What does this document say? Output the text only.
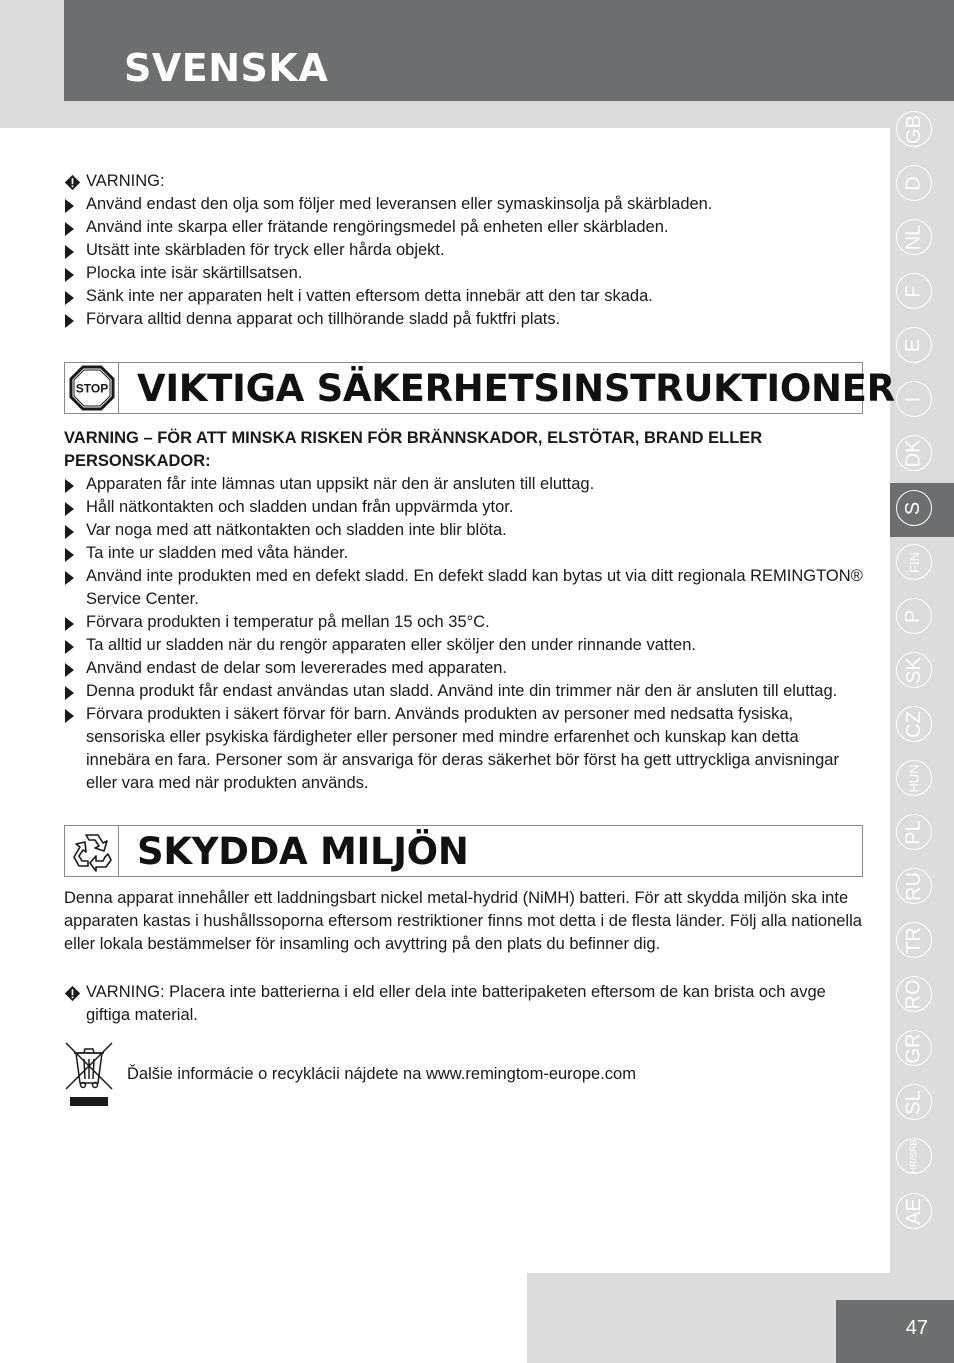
SVENSKA
VARNING:
Använd endast den olja som följer med leveransen eller symaskinsolja på skärbladen.
Använd inte skarpa eller frätande rengöringsmedel på enheten eller skärbladen.
Utsätt inte skärbladen för tryck eller hårda objekt.
Plocka inte isär skärtillsatsen.
Sänk inte ner apparaten helt i vatten eftersom detta innebär att den tar skada.
Förvara alltid denna apparat och tillhörande sladd på fuktfri plats.
STOP VIKTIGA SÄKERHETSINSTRUKTIONER
VARNING – FÖR ATT MINSKA RISKEN FÖR BRÄNNSKADOR, ELSTÖTAR, BRAND ELLER PERSONSKADOR:
Apparaten får inte lämnas utan uppsikt när den är ansluten till eluttag.
Håll nätkontakten och sladden undan från uppvärmda ytor.
Var noga med att nätkontakten och sladden inte blir blöta.
Ta inte ur sladden med våta händer.
Använd inte produkten med en defekt sladd. En defekt sladd kan bytas ut via ditt regionala REMINGTON® Service Center.
Förvara produkten i temperatur på mellan 15 och 35°C.
Ta alltid ur sladden när du rengör apparaten eller sköljer den under rinnande vatten.
Använd endast de delar som levererades med apparaten.
Denna produkt får endast användas utan sladd. Använd inte din trimmer när den är ansluten till eluttag.
Förvara produkten i säkert förvar för barn. Används produkten av personer med nedsatta fysiska, sensoriska eller psykiska färdigheter eller personer med mindre erfarenhet och kunskap kan detta innebära en fara. Personer som är ansvariga för deras säkerhet bör först ha gett uttryckliga anvisningar eller vara med när produkten används.
SKYDDA MILJÖN
Denna apparat innehåller ett laddningsbart nickel metal-hydrid (NiMH) batteri. För att skydda miljön ska inte apparaten kastas i hushållssoporna eftersom restriktioner finns mot detta i de flesta länder. Följ alla nationella eller lokala bestämmelser för insamling och avyttring på den plats du befinner dig.
VARNING: Placera inte batterierna i eld eller dela inte batteripaketen eftersom de kan brista och avge giftiga material.
Ďalšie informácie o recyklácii nájdete na www.remingtom-europe.com
GB
D
NL
F
E
I
DK
S
FIN
P
SK
CZ
HUN
PL
RU
TR
RO
GR
SL
HR/SRB
AE
47
